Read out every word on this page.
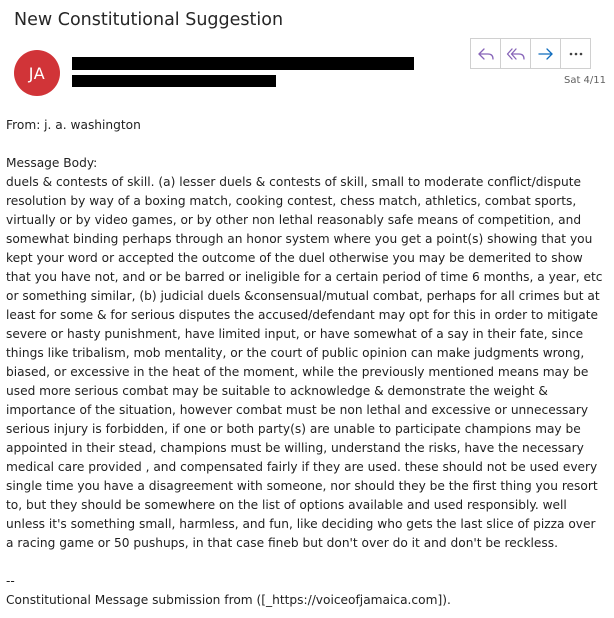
New Constitutional Suggestion
JA	Sat 4/11

From: j. a. washington

Message Body:

duels & contests of skill. (a) lesser duels & contests of skill, small to moderate conflict/dispute resolution by way of a boxing match, cooking contest, chess match, athletics, combat sports, virtually or by video games, or by other non lethal reasonably safe means of competition, and somewhat binding perhaps through an honor system where you get a point(s) showing that you kept your word or accepted the outcome of the duel otherwise you may be demerited to show that you have not, and or be barred or ineligible for a certain period of time 6 months, a year, etc or something similar, (b) judicial duels &consensual/mutual combat, perhaps for all crimes but at least for some & for serious disputes the accused/defendant may opt for this in order to mitigate severe or hasty punishment, have limited input, or have somewhat of a say in their fate, since things like tribalism, mob mentality, or the court of public opinion can make judgments wrong, biased, or excessive in the heat of the moment, while the previously mentioned means may be used more serious combat may be suitable to acknowledge & demonstrate the weight & importance of the situation, however combat must be non lethal and excessive or unnecessary serious injury is forbidden, if one or both party(s) are unable to participate champions may be appointed in their stead, champions must be willing, understand the risks, have the necessary medical care provided , and compensated fairly if they are used. these should not be used every single time you have a disagreement with someone, nor should they be the first thing you resort to, but they should be somewhere on the list of options available and used responsibly. well unless it's something small, harmless, and fun, like deciding who gets the last slice of pizza over a racing game or 50 pushups, in that case fineb but don't over do it and don't be reckless.

--

Constitutional Message submission from ([_https://voiceofjamaica.com]).
